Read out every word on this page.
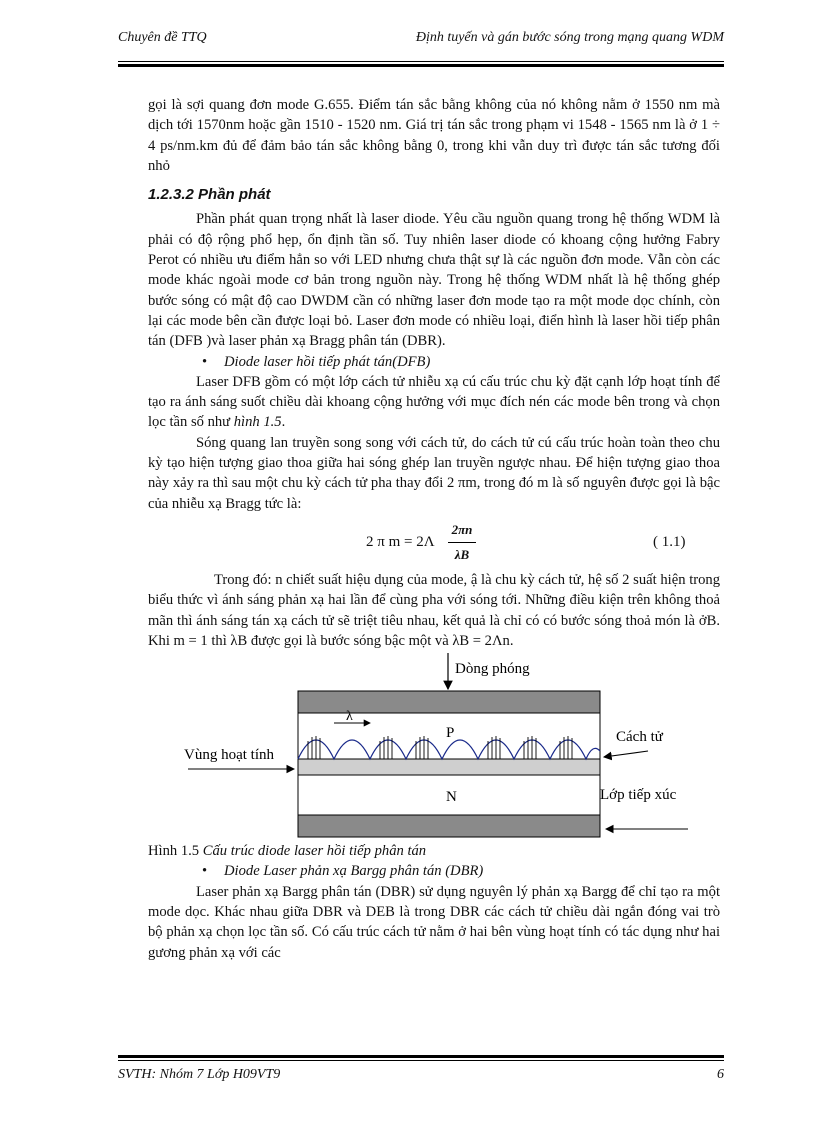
Chuyên đề TTQ	Định tuyến và gán bước sóng trong mạng quang WDM

gọi là sợi quang đơn mode G.655. Điểm tán sắc bằng không của nó không nằm ở 1550 nm mà dịch tới 1570nm hoặc gần 1510 - 1520 nm. Giá trị tán sắc trong phạm vi 1548 - 1565 nm là ở 1 ÷ 4 ps/nm.km đủ để đảm bảo tán sắc không bằng 0, trong khi vẫn duy trì được tán sắc tương đối nhỏ

1.2.3.2 Phần phát

Phần phát quan trọng nhất là laser diode. Yêu cầu nguồn quang trong hệ thống WDM là phải có độ rộng phổ hẹp, ổn định tần số. Tuy nhiên laser diode có khoang cộng hưởng Fabry Perot có nhiều ưu điểm hẳn so với LED nhưng chưa thật sự là các nguồn đơn mode. Vẫn còn các mode khác ngoài mode cơ bản trong nguồn này. Trong hệ thống WDM nhất là hệ thống ghép bước sóng có mật độ cao DWDM cần có những laser đơn mode tạo ra một mode dọc chính, còn lại các mode bên cần được loại bỏ. Laser đơn mode có nhiều loại, điển hình là laser hồi tiếp phân tán (DFB )và laser phản xạ Bragg phân tán (DBR).

• Diode laser hồi tiếp phát tán(DFB)

Laser DFB gồm có một lớp cách tử nhiễu xạ cú cấu trúc chu kỳ đặt cạnh lớp hoạt tính để tạo ra ánh sáng suốt chiều dài khoang cộng hưởng với mục đích nén các mode bên trong và chọn lọc tần số như hình 1.5.

Sóng quang lan truyền song song với cách tử, do cách tử cú cấu trúc hoàn toàn theo chu kỳ tạo hiện tượng giao thoa giữa hai sóng ghép lan truyền ngược nhau. Để hiện tượng giao thoa này xảy ra thì sau một chu kỳ cách tử pha thay đổi 2 πm, trong đó m là số nguyên được gọi là bậc của nhiễu xạ Bragg tức là:

2 π m = 2Λ
2πn
λB
( 1.1)

Trong đó: n chiết suất hiệu dụng của mode, ậ là chu kỳ cách tử, hệ số 2 suất hiện trong biểu thức vì ánh sáng phản xạ hai lần để cùng pha với sóng tới. Những điều kiện trên không thoả mãn thì ánh sáng tán xạ cách tử sẽ triệt tiêu nhau, kết quả là chỉ có có bước sóng thoả món là ởB. Khi m = 1 thì λB được gọi là bước sóng bậc một và λB = 2Λn.

Dòng phóng
λ
P
N
Vùng hoạt tính
Cách tử
Lớp tiếp xúc

Hình 1.5 Cấu trúc diode laser hồi tiếp phân tán

• Diode Laser phản xạ Bargg phân tán (DBR)

Laser phản xạ Bargg phân tán (DBR) sử dụng nguyên lý phản xạ Bargg để chỉ tạo ra một mode dọc. Khác nhau giữa DBR và DEB là trong DBR các cách tử chiều dài ngắn đóng vai trò bộ phản xạ chọn lọc tần số. Có cấu trúc cách tử nằm ở hai bên vùng hoạt tính có tác dụng như hai gương phản xạ với các

SVTH: Nhóm 7 Lớp H09VT9	6
